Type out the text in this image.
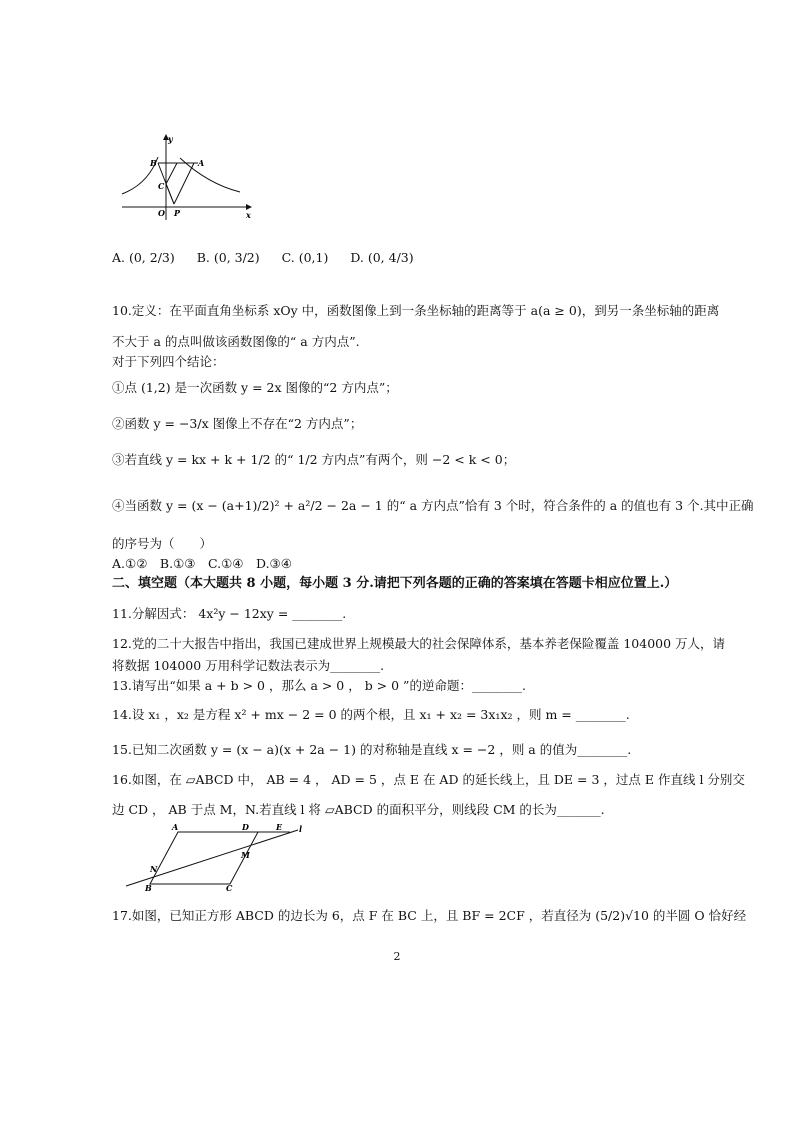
y
x
B	A
C
O P
A. (0, 2/3) B. (0, 3/2) C. (0,1) D. (0, 4/3)
10.定义：在平面直角坐标系 xOy 中，函数图像上到一条坐标轴的距离等于 a(a ≥ 0)，到另一条坐标轴的距离
不大于 a 的点叫做该函数图像的“ a 方内点”.
对于下列四个结论：
①点 (1,2) 是一次函数 y = 2x 图像的“2 方内点”；
②函数 y = −3/x 图像上不存在“2 方内点”；
③若直线 y = kx + k + 1/2 的“ 1/2 方内点”有两个，则 −2 < k < 0；
④当函数 y = (x − (a+1)/2)² + a²/2 − 2a − 1 的“ a 方内点”恰有 3 个时，符合条件的 a 的值也有 3 个.其中正确
的序号为（　　）
A.①②　B.①③　C.①④　D.③④
二、填空题（本大题共 8 小题，每小题 3 分.请把下列各题的正确的答案填在答题卡相应位置上.）
11.分解因式： 4x²y − 12xy = ________.
12.党的二十大报告中指出，我国已建成世界上规模最大的社会保障体系，基本养老保险覆盖 104000 万人，请
将数据 104000 万用科学记数法表示为________.
13.请写出“如果 a + b > 0 ，那么 a > 0 ， b > 0 ”的逆命题：________.
14.设 x₁ ，x₂ 是方程 x² + mx − 2 = 0 的两个根，且 x₁ + x₂ = 3x₁x₂ ，则 m = ________.
15.已知二次函数 y = (x − a)(x + 2a − 1) 的对称轴是直线 x = −2 ，则 a 的值为________.
16.如图，在 ▱ABCD 中， AB = 4 ， AD = 5 ，点 E 在 AD 的延长线上，且 DE = 3 ，过点 E 作直线 l 分别交
边 CD ， AB 于点 M，N.若直线 l 将 ▱ABCD 的面积平分，则线段 CM 的长为_______.
A	D	E l
M
N
B	C
17.如图，已知正方形 ABCD 的边长为 6，点 F 在 BC 上，且 BF = 2CF ，若直径为 (5/2)√10 的半圆 O 恰好经
2
